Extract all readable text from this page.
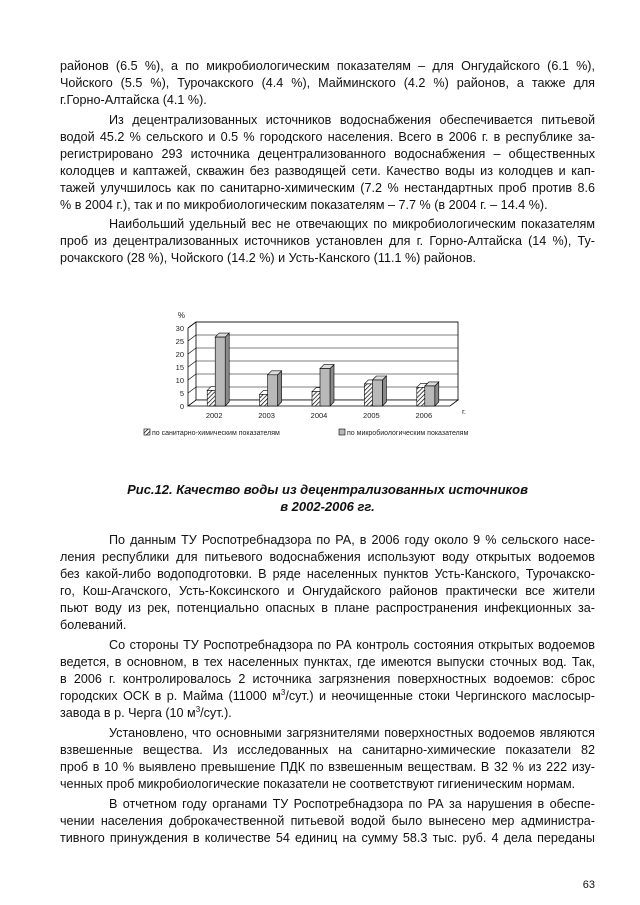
районов (6.5 %), а по микробиологическим показателям – для Онгудайского (6.1 %),
Чойского (5.5 %), Турочакского (4.4 %), Майминского (4.2 %) районов, а также для
г.Горно-Алтайска (4.1 %).
Из децентрализованных источников водоснабжения обеспечивается питьевой
водой 45.2 % сельского и 0.5 % городского населения. Всего в 2006 г. в республике за-
регистрировано 293 источника децентрализованного водоснабжения – общественных
колодцев и каптажей, скважин без разводящей сети. Качество воды из колодцев и кап-
тажей улучшилось как по санитарно-химическим (7.2 % нестандартных проб против 8.6
% в 2004 г.), так и по микробиологическим показателям – 7.7 % (в 2004 г. – 14.4 %).
Наибольший удельный вес не отвечающих по микробиологическим показателям
проб из децентрализованных источников установлен для г. Горно-Алтайска (14 %), Ту-
рочакского (28 %), Чойского (14.2 %) и Усть-Канского (11.1 %) районов.
0
5
10
15
20
25
30
%
г.
2002	2003	2004	2005	2006
по санитарно-химическим показателям	по микробиологическим показателям
Рис.12. Качество воды из децентрализованных источников
в 2002-2006 гг.
По данным ТУ Роспотребнадзора по РА, в 2006 году около 9 % сельского насе-
ления республики для питьевого водоснабжения используют воду открытых водоемов
без какой-либо водоподготовки. В ряде населенных пунктов Усть-Канского, Турочакско-
го, Кош-Агачского, Усть-Коксинского и Онгудайского районов практически все жители
пьют воду из рек, потенциально опасных в плане распространения инфекционных за-
болеваний.
Со стороны ТУ Роспотребнадзора по РА контроль состояния открытых водоемов
ведется, в основном, в тех населенных пунктах, где имеются выпуски сточных вод. Так,
в 2006 г. контролировалось 2 источника загрязнения поверхностных водоемов: сброс
городских ОСК в р. Майма (11000 $м^3/сут$.) и неочищенные стоки Чергинского маслосыр-
завода в р. Черга (10 $м^3/сут$.).
Установлено, что основными загрязнителями поверхностных водоемов являются
взвешенные вещества. Из исследованных на санитарно-химические показатели 82
проб в 10 % выявлено превышение ПДК по взвешенным веществам. В 32 % из 222 изу-
ченных проб микробиологические показатели не соответствуют гигиеническим нормам.
В отчетном году органами ТУ Роспотребнадзора по РА за нарушения в обеспе-
чении населения доброкачественной питьевой водой было вынесено мер администра-
тивного принуждения в количестве 54 единиц на сумму 58.3 тыс. руб. 4 дела переданы
63
